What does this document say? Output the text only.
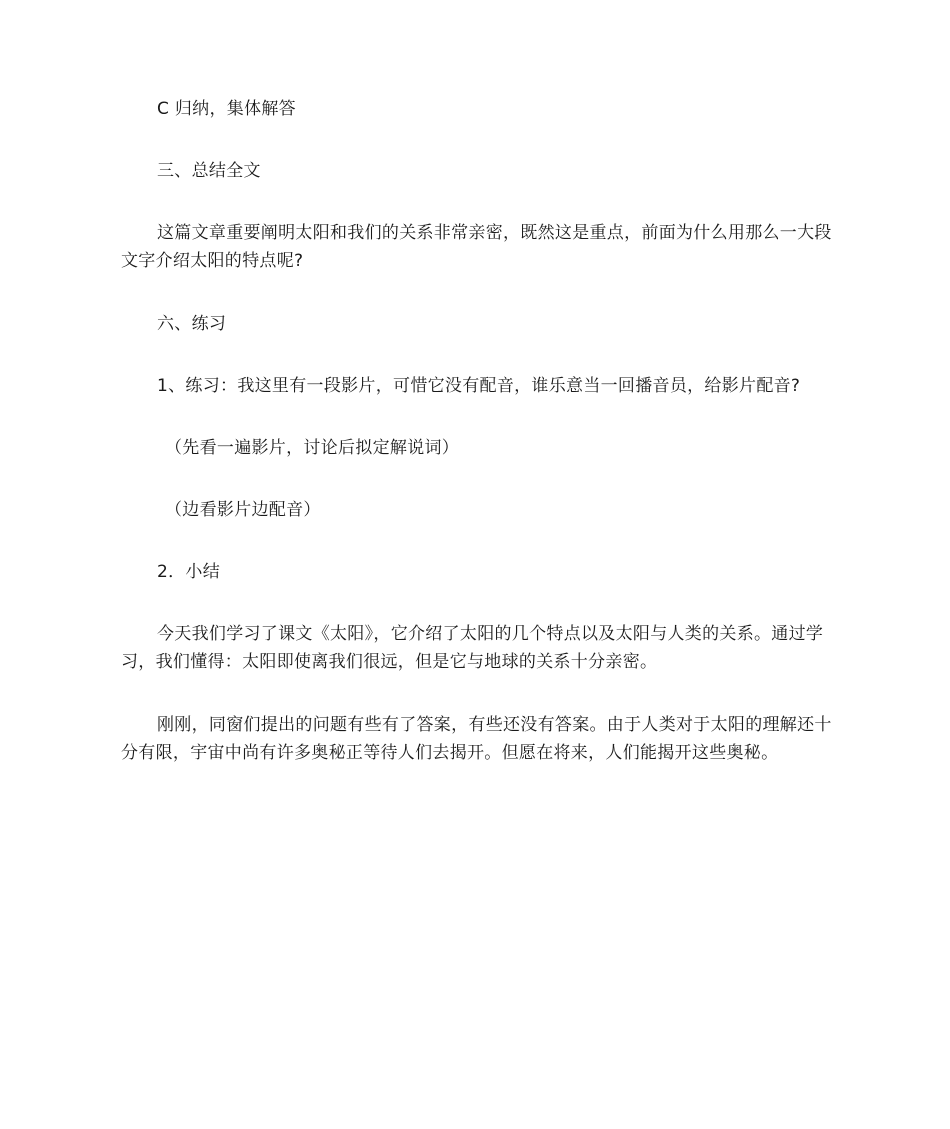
C 归纳，集体解答

三、总结全文

这篇文章重要阐明太阳和我们的关系非常亲密，既然这是重点，前面为什么用那么一大段文字介绍太阳的特点呢?

六、练习

1、练习：我这里有一段影片，可惜它没有配音，谁乐意当一回播音员，给影片配音?

（先看一遍影片，讨论后拟定解说词）

（边看影片边配音）

2．小结

今天我们学习了课文《太阳》，它介绍了太阳的几个特点以及太阳与人类的关系。通过学习，我们懂得：太阳即使离我们很远，但是它与地球的关系十分亲密。

刚刚，同窗们提出的问题有些有了答案，有些还没有答案。由于人类对于太阳的理解还十分有限，宇宙中尚有许多奥秘正等待人们去揭开。但愿在将来，人们能揭开这些奥秘。
